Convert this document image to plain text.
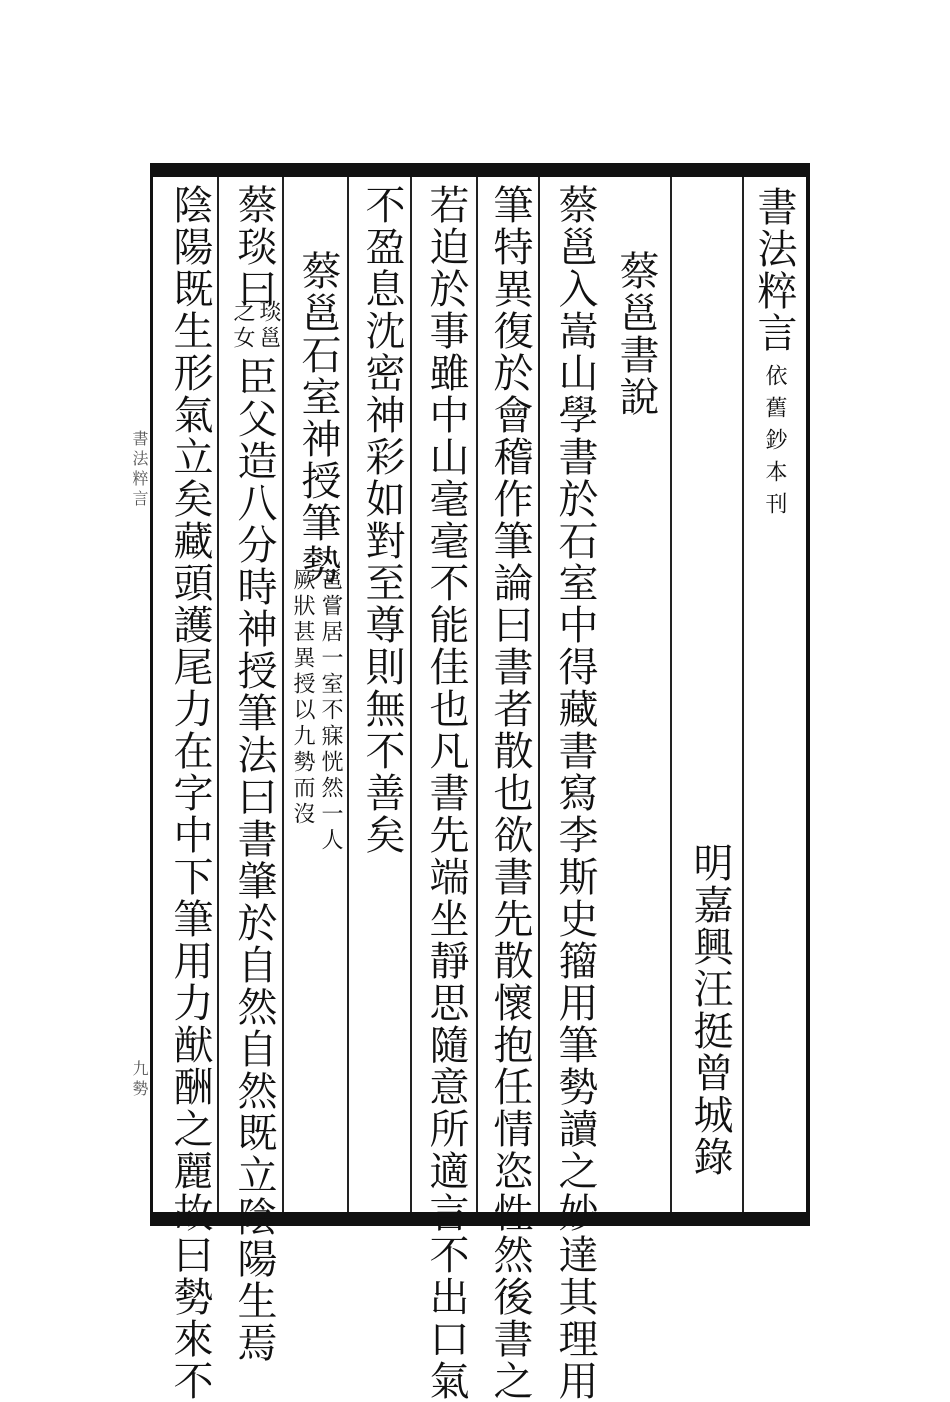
書法粹言依舊鈔本刊
明嘉興汪挺曾城錄
蔡邕書說
蔡邕入嵩山學書於石室中得藏書寫李斯史籀用筆勢讀之妙達其理用
筆特異復於會稽作筆論曰書者散也欲書先散懷抱任情恣性然後書之
若迫於事雖中山毫毫不能佳也凡書先端坐靜思隨意所適言不出口氣
不盈息沈密神彩如對至尊則無不善矣
蔡邕石室神授筆勢
邕嘗居一室不寐恍然一人
厥狀甚異授以九勢而沒
蔡琰曰
琰邕
之女
臣父造八分時神授筆法曰書肇於自然自然既立陰陽生焉
陰陽既生形氣立矣藏頭護尾力在字中下筆用力猷酬之麗故曰勢來不
書法粹言
九勢
